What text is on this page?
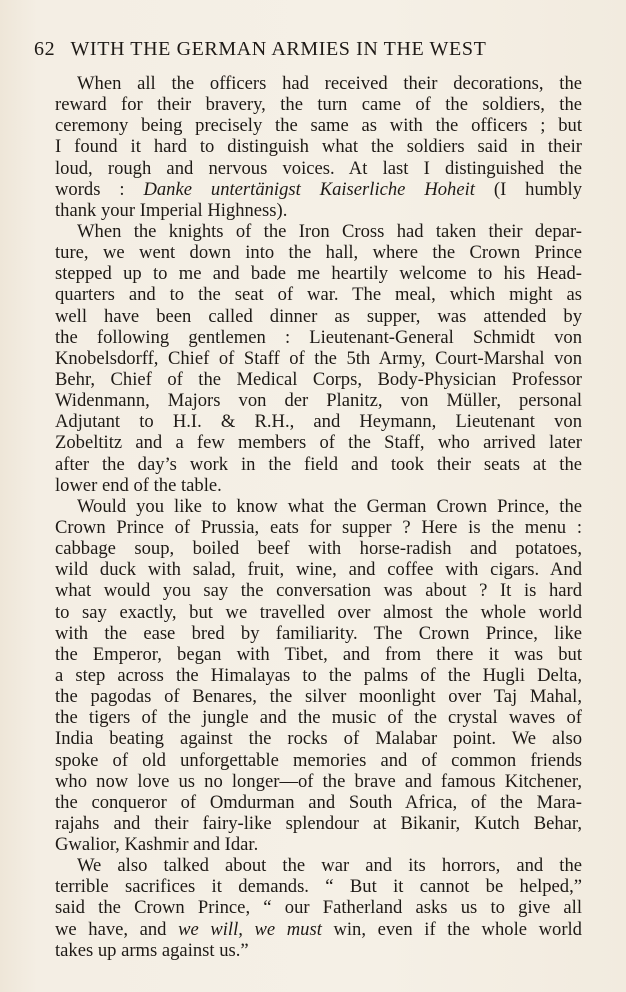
62 WITH THE GERMAN ARMIES IN THE WEST
When all the officers had received their decorations, the
reward for their bravery, the turn came of the soldiers, the
ceremony being precisely the same as with the officers ; but
I found it hard to distinguish what the soldiers said in their
loud, rough and nervous voices. At last I distinguished the
words : Danke untertänigst Kaiserliche Hoheit (I humbly
thank your Imperial Highness).
When the knights of the Iron Cross had taken their depar-
ture, we went down into the hall, where the Crown Prince
stepped up to me and bade me heartily welcome to his Head-
quarters and to the seat of war. The meal, which might as
well have been called dinner as supper, was attended by
the following gentlemen : Lieutenant-General Schmidt von
Knobelsdorff, Chief of Staff of the 5th Army, Court-Marshal von
Behr, Chief of the Medical Corps, Body-Physician Professor
Widenmann, Majors von der Planitz, von Müller, personal
Adjutant to H.I. & R.H., and Heymann, Lieutenant von
Zobeltitz and a few members of the Staff, who arrived later
after the day’s work in the field and took their seats at the
lower end of the table.
Would you like to know what the German Crown Prince, the
Crown Prince of Prussia, eats for supper ? Here is the menu :
cabbage soup, boiled beef with horse-radish and potatoes,
wild duck with salad, fruit, wine, and coffee with cigars. And
what would you say the conversation was about ? It is hard
to say exactly, but we travelled over almost the whole world
with the ease bred by familiarity. The Crown Prince, like
the Emperor, began with Tibet, and from there it was but
a step across the Himalayas to the palms of the Hugli Delta,
the pagodas of Benares, the silver moonlight over Taj Mahal,
the tigers of the jungle and the music of the crystal waves of
India beating against the rocks of Malabar point. We also
spoke of old unforgettable memories and of common friends
who now love us no longer—of the brave and famous Kitchener,
the conqueror of Omdurman and South Africa, of the Mara-
rajahs and their fairy-like splendour at Bikanir, Kutch Behar,
Gwalior, Kashmir and Idar.
We also talked about the war and its horrors, and the
terrible sacrifices it demands. “ But it cannot be helped,”
said the Crown Prince, “ our Fatherland asks us to give all
we have, and we will, we must win, even if the whole world
takes up arms against us.”
